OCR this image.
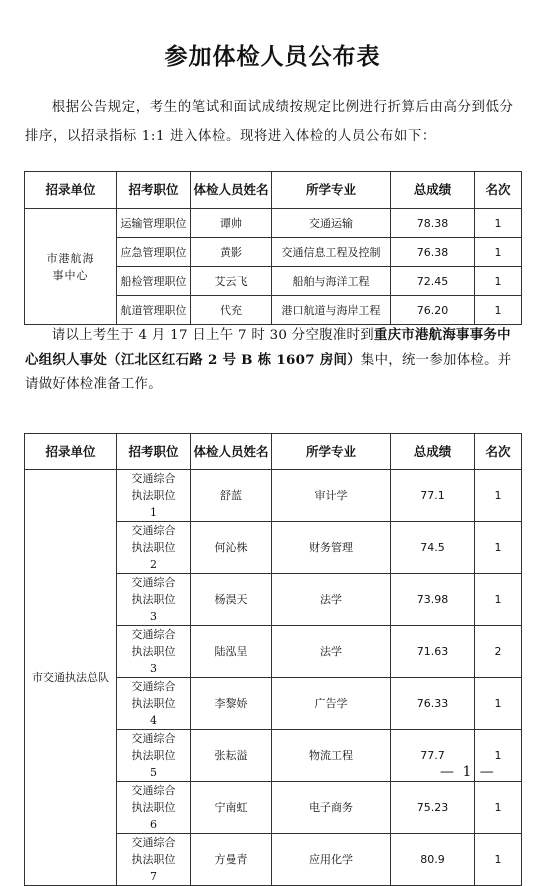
参加体检人员公布表

根据公告规定，考生的笔试和面试成绩按规定比例进行折算后由高分到低分排序，以招录指标 1:1 进入体检。现将进入体检的人员公布如下：

招录单位	招考职位	体检人员姓名	所学专业	总成绩	名次
市港航海事中心	运输管理职位	谭帅	交通运输	78.38	1
	应急管理职位	黄影	交通信息工程及控制	76.38	1
	船检管理职位	艾云飞	船舶与海洋工程	72.45	1
	航道管理职位	代充	港口航道与海岸工程	76.20	1

请以上考生于 4 月 17 日上午 7 时 30 分空腹准时到重庆市港航海事事务中心组织人事处（江北区红石路 2 号 B 栋 1607 房间）集中，统一参加体检。并请做好体检准备工作。

招录单位	招考职位	体检人员姓名	所学专业	总成绩	名次
市交通执法总队	交通综合执法职位1	舒蓝	审计学	77.1	1
	交通综合执法职位2	何沁株	财务管理	74.5	1
	交通综合执法职位3	杨淏天	法学	73.98	1
	交通综合执法职位3	陆泓呈	法学	71.63	2
	交通综合执法职位4	李黎娇	广告学	76.33	1
	交通综合执法职位5	张耘溢	物流工程	77.7	1
	交通综合执法职位6	宁南虹	电子商务	75.23	1
	交通综合执法职位7	方曼青	应用化学	80.9	1
— 1 —
